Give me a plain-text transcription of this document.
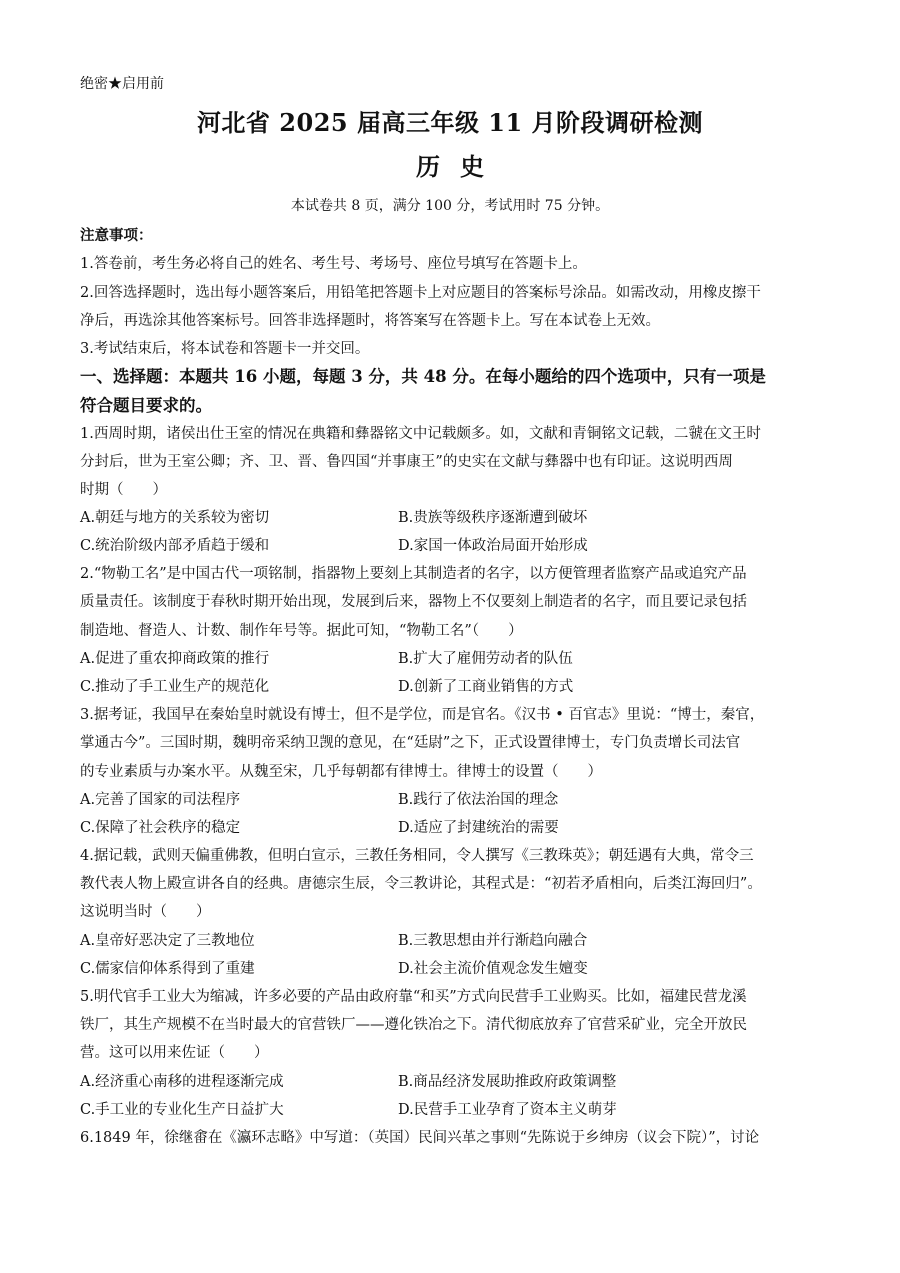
绝密★启用前
河北省 2025 届高三年级 11 月阶段调研检测
历史
本试卷共 8 页，满分 100 分，考试用时 75 分钟。
注意事项：
1.答卷前，考生务必将自己的姓名、考生号、考场号、座位号填写在答题卡上。
2.回答选择题时，选出每小题答案后，用铅笔把答题卡上对应题目的答案标号涂品。如需改动，用橡皮擦干
净后，再选涂其他答案标号。回答非选择题时，将答案写在答题卡上。写在本试卷上无效。
3.考试结束后，将本试卷和答题卡一并交回。
一、选择题：本题共 16 小题，每题 3 分，共 48 分。在每小题给的四个选项中，只有一项是
符合题目要求的。
1.西周时期，诸侯出仕王室的情况在典籍和彝器铭文中记载颇多。如，文献和青铜铭文记载，二虢在文王时
分封后，世为王室公卿；齐、卫、晋、鲁四国“并事康王”的史实在文献与彝器中也有印证。这说明西周
时期（　　）
A.朝廷与地方的关系较为密切	B.贵族等级秩序逐渐遭到破坏
C.统治阶级内部矛盾趋于缓和	D.家国一体政治局面开始形成
2.“物勒工名”是中国古代一项铭制，指器物上要刻上其制造者的名字，以方便管理者监察产品或追究产品
质量责任。该制度于春秋时期开始出现，发展到后来，器物上不仅要刻上制造者的名字，而且要记录包括
制造地、督造人、计数、制作年号等。据此可知，“物勒工名”（　　）
A.促进了重农抑商政策的推行	B.扩大了雇佣劳动者的队伍
C.推动了手工业生产的规范化	D.创新了工商业销售的方式
3.据考证，我国早在秦始皇时就设有博士，但不是学位，而是官名。《汉书 • 百官志》里说：“博士，秦官，
掌通古今”。三国时期，魏明帝采纳卫觊的意见，在“廷尉”之下，正式设置律博士，专门负责增长司法官
的专业素质与办案水平。从魏至宋，几乎每朝都有律博士。律博士的设置（　　）
A.完善了国家的司法程序	B.践行了依法治国的理念
C.保障了社会秩序的稳定	D.适应了封建统治的需要
4.据记载，武则天偏重佛教，但明白宣示，三教任务相同，令人撰写《三教珠英》；朝廷遇有大典，常令三
教代表人物上殿宣讲各自的经典。唐德宗生辰，令三教讲论，其程式是：“初若矛盾相向，后类江海回归”。
这说明当时（　　）
A.皇帝好恶决定了三教地位	B.三教思想由并行渐趋向融合
C.儒家信仰体系得到了重建	D.社会主流价值观念发生嬗变
5.明代官手工业大为缩减，许多必要的产品由政府靠“和买”方式向民营手工业购买。比如，福建民营龙溪
铁厂，其生产规模不在当时最大的官营铁厂——遵化铁冶之下。清代彻底放弃了官营采矿业，完全开放民
营。这可以用来佐证（　　）
A.经济重心南移的进程逐渐完成	B.商品经济发展助推政府政策调整
C.手工业的专业化生产日益扩大	D.民营手工业孕育了资本主义萌芽
6.1849 年，徐继畬在《瀛环志略》中写道：（英国）民间兴革之事则“先陈说于乡绅房（议会下院）”，讨论
